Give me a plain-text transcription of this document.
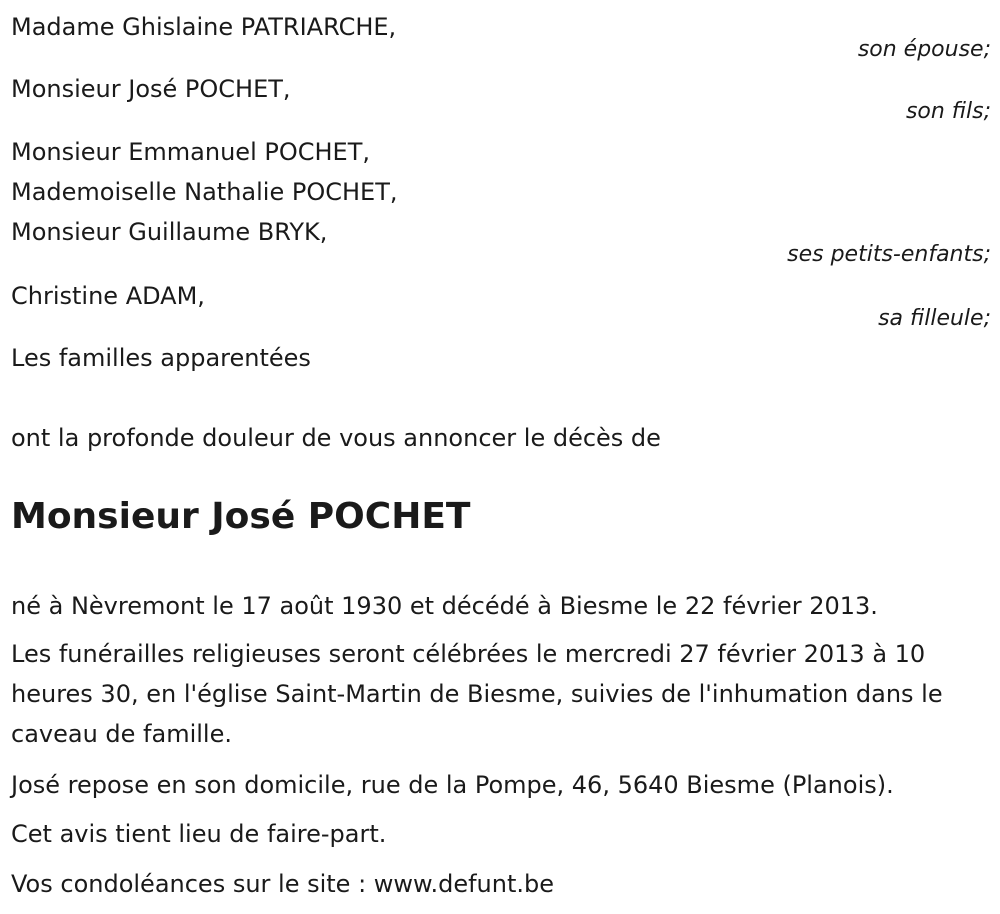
Madame Ghislaine PATRIARCHE,
son épouse;
Monsieur José POCHET,
son fils;
Monsieur Emmanuel POCHET,
Mademoiselle Nathalie POCHET,
Monsieur Guillaume BRYK,
ses petits-enfants;
Christine ADAM,
sa filleule;
Les familles apparentées
ont la profonde douleur de vous annoncer le décès de
Monsieur José POCHET

né à Nèvremont le 17 août 1930 et décédé à Biesme le 22 février 2013.

Les funérailles religieuses seront célébrées le mercredi 27 février 2013 à 10 heures 30, en l'église Saint-Martin de Biesme, suivies de l'inhumation dans le caveau de famille.

José repose en son domicile, rue de la Pompe, 46, 5640 Biesme (Planois).

Cet avis tient lieu de faire-part.

Vos condoléances sur le site : www.defunt.be
